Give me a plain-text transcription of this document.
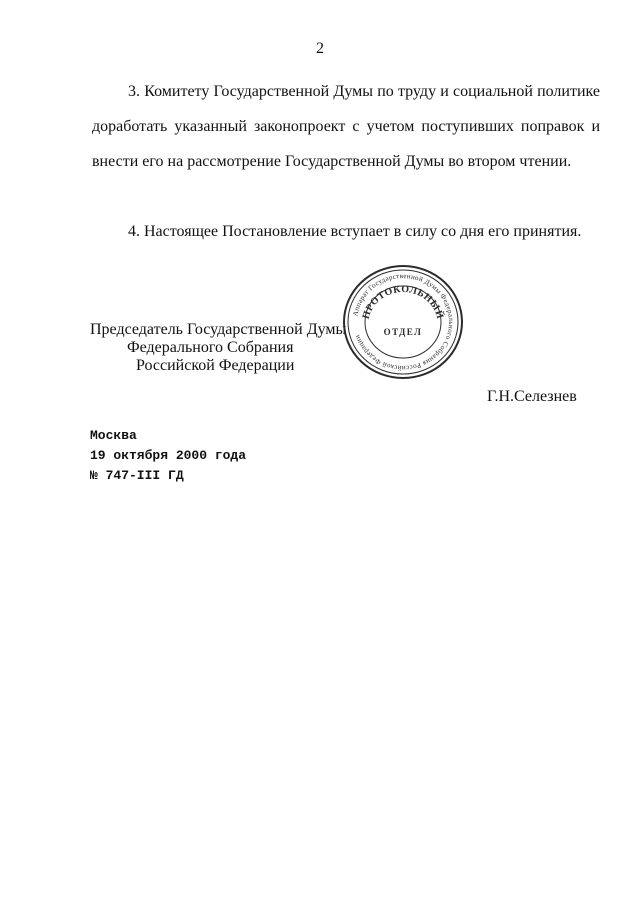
2
3. Комитету Государственной Думы по труду и социальной политике доработать указанный законопроект с учетом поступивших поправок и внести его на рассмотрение Государственной Думы во втором чтении.
4. Настоящее Постановление вступает в силу со дня его принятия.
Председатель Государственной Думы
Федерального Собрания
Российской Федерации
Аппарат Государственной Думы Федерального Собрания Российской Федерации
ПРОТОКОЛЬНЫЙ
ОТДЕЛ
Г.Н.Селезнев
Москва
19 октября 2000 года
№ 747-III ГД
